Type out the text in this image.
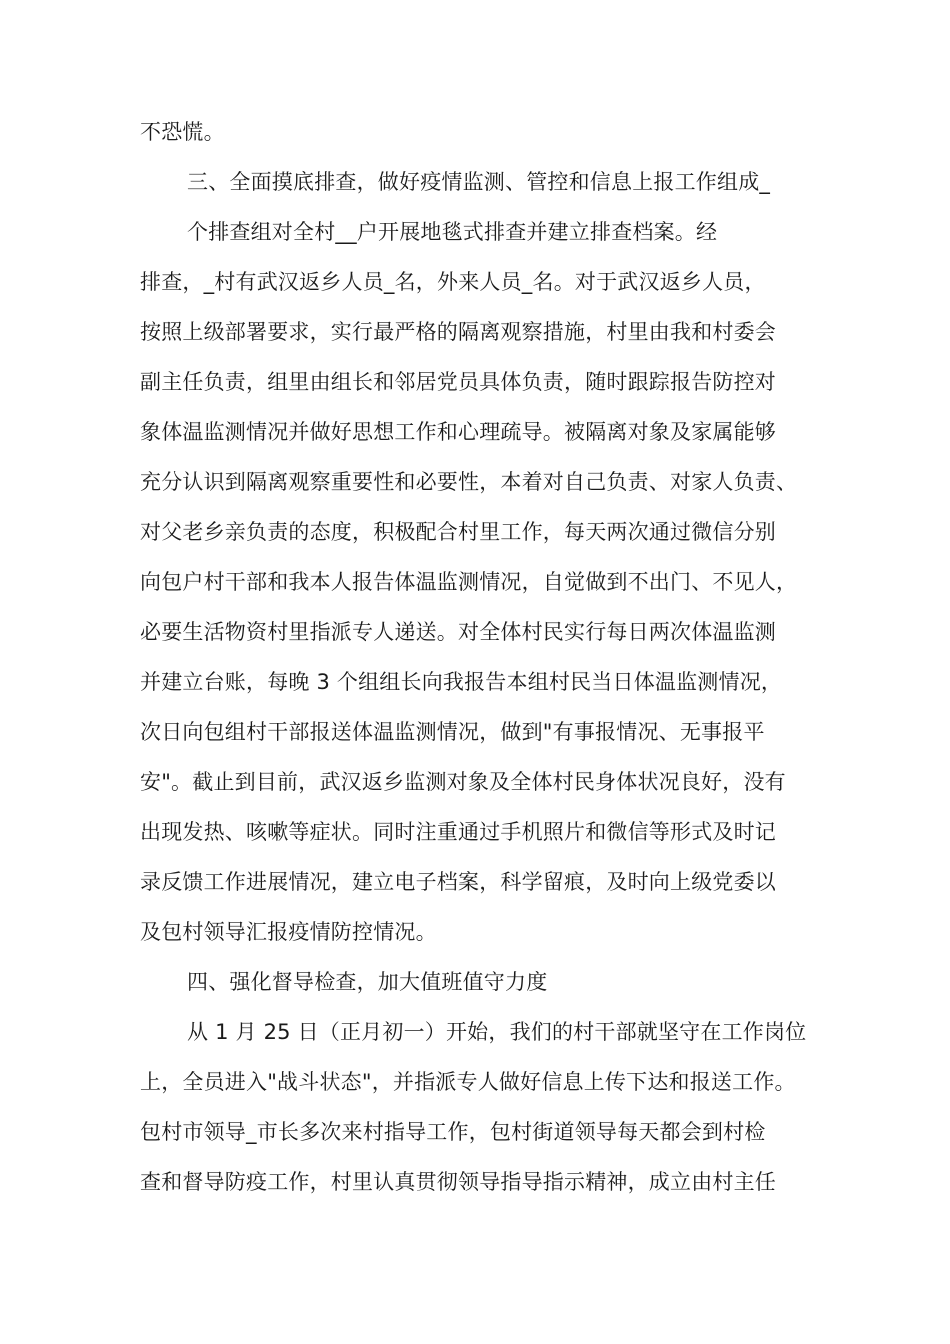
不恐慌。
三、全面摸底排查，做好疫情监测、管控和信息上报工作组成_
个排查组对全村__户开展地毯式排查并建立排查档案。经
排查，_村有武汉返乡人员_名，外来人员_名。对于武汉返乡人员，
按照上级部署要求，实行最严格的隔离观察措施，村里由我和村委会
副主任负责，组里由组长和邻居党员具体负责，随时跟踪报告防控对
象体温监测情况并做好思想工作和心理疏导。被隔离对象及家属能够
充分认识到隔离观察重要性和必要性，本着对自己负责、对家人负责、
对父老乡亲负责的态度，积极配合村里工作，每天两次通过微信分别
向包户村干部和我本人报告体温监测情况，自觉做到不出门、不见人，
必要生活物资村里指派专人递送。对全体村民实行每日两次体温监测
并建立台账，每晚 3 个组组长向我报告本组村民当日体温监测情况，
次日向包组村干部报送体温监测情况，做到"有事报情况、无事报平
安"。截止到目前，武汉返乡监测对象及全体村民身体状况良好，没有
出现发热、咳嗽等症状。同时注重通过手机照片和微信等形式及时记
录反馈工作进展情况，建立电子档案，科学留痕，及时向上级党委以
及包村领导汇报疫情防控情况。
四、强化督导检查，加大值班值守力度
从 1 月 25 日（正月初一）开始，我们的村干部就坚守在工作岗位
上，全员进入"战斗状态"，并指派专人做好信息上传下达和报送工作。
包村市领导_市长多次来村指导工作，包村街道领导每天都会到村检
查和督导防疫工作，村里认真贯彻领导指导指示精神，成立由村主任
